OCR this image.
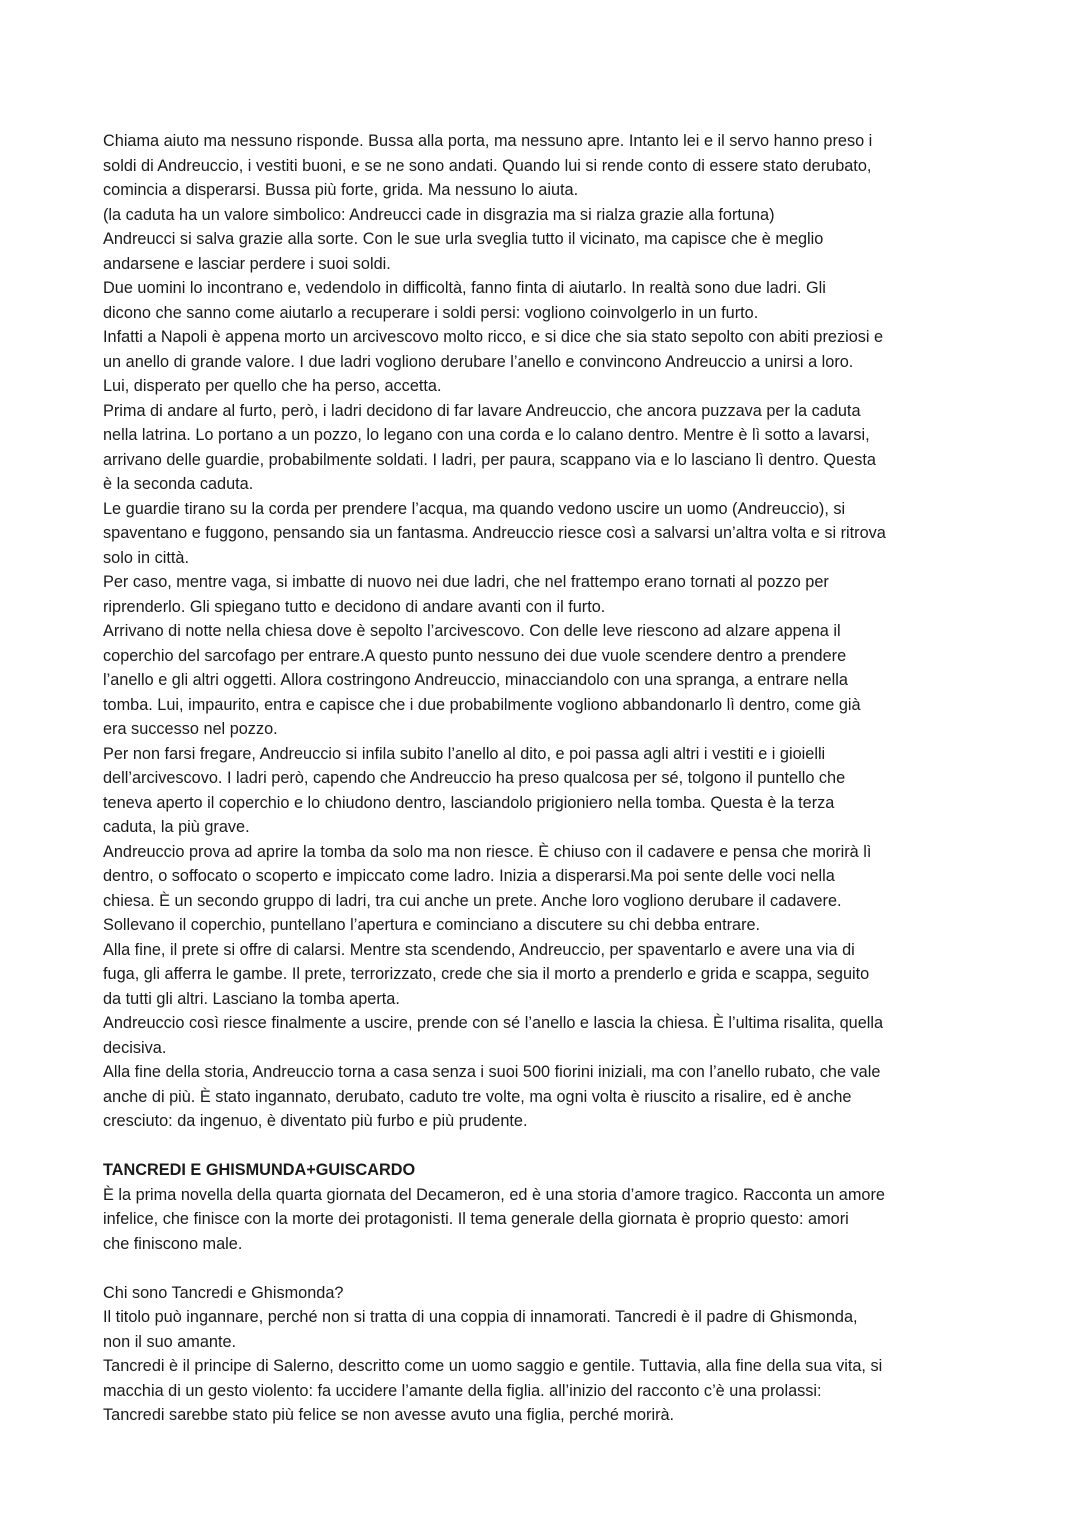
Chiama aiuto ma nessuno risponde. Bussa alla porta, ma nessuno apre. Intanto lei e il servo hanno preso i
soldi di Andreuccio, i vestiti buoni, e se ne sono andati. Quando lui si rende conto di essere stato derubato,
comincia a disperarsi. Bussa più forte, grida. Ma nessuno lo aiuta.
(la caduta ha un valore simbolico: Andreucci cade in disgrazia ma si rialza grazie alla fortuna)
Andreucci si salva grazie alla sorte. Con le sue urla sveglia tutto il vicinato, ma capisce che è meglio
andarsene e lasciar perdere i suoi soldi.
Due uomini lo incontrano e, vedendolo in difficoltà, fanno finta di aiutarlo. In realtà sono due ladri. Gli
dicono che sanno come aiutarlo a recuperare i soldi persi: vogliono coinvolgerlo in un furto.
Infatti a Napoli è appena morto un arcivescovo molto ricco, e si dice che sia stato sepolto con abiti preziosi e
un anello di grande valore. I due ladri vogliono derubare l’anello e convincono Andreuccio a unirsi a loro.
Lui, disperato per quello che ha perso, accetta.
Prima di andare al furto, però, i ladri decidono di far lavare Andreuccio, che ancora puzzava per la caduta
nella latrina. Lo portano a un pozzo, lo legano con una corda e lo calano dentro. Mentre è lì sotto a lavarsi,
arrivano delle guardie, probabilmente soldati. I ladri, per paura, scappano via e lo lasciano lì dentro. Questa
è la seconda caduta.
Le guardie tirano su la corda per prendere l’acqua, ma quando vedono uscire un uomo (Andreuccio), si
spaventano e fuggono, pensando sia un fantasma. Andreuccio riesce così a salvarsi un’altra volta e si ritrova
solo in città.
Per caso, mentre vaga, si imbatte di nuovo nei due ladri, che nel frattempo erano tornati al pozzo per
riprenderlo. Gli spiegano tutto e decidono di andare avanti con il furto.
Arrivano di notte nella chiesa dove è sepolto l’arcivescovo. Con delle leve riescono ad alzare appena il
coperchio del sarcofago per entrare.A questo punto nessuno dei due vuole scendere dentro a prendere
l’anello e gli altri oggetti. Allora costringono Andreuccio, minacciandolo con una spranga, a entrare nella
tomba. Lui, impaurito, entra e capisce che i due probabilmente vogliono abbandonarlo lì dentro, come già
era successo nel pozzo.
Per non farsi fregare, Andreuccio si infila subito l’anello al dito, e poi passa agli altri i vestiti e i gioielli
dell’arcivescovo. I ladri però, capendo che Andreuccio ha preso qualcosa per sé, tolgono il puntello che
teneva aperto il coperchio e lo chiudono dentro, lasciandolo prigioniero nella tomba. Questa è la terza
caduta, la più grave.
Andreuccio prova ad aprire la tomba da solo ma non riesce. È chiuso con il cadavere e pensa che morirà lì
dentro, o soffocato o scoperto e impiccato come ladro. Inizia a disperarsi.Ma poi sente delle voci nella
chiesa. È un secondo gruppo di ladri, tra cui anche un prete. Anche loro vogliono derubare il cadavere.
Sollevano il coperchio, puntellano l’apertura e cominciano a discutere su chi debba entrare.
Alla fine, il prete si offre di calarsi. Mentre sta scendendo, Andreuccio, per spaventarlo e avere una via di
fuga, gli afferra le gambe. Il prete, terrorizzato, crede che sia il morto a prenderlo e grida e scappa, seguito
da tutti gli altri. Lasciano la tomba aperta.
Andreuccio così riesce finalmente a uscire, prende con sé l’anello e lascia la chiesa. È l’ultima risalita, quella
decisiva.
Alla fine della storia, Andreuccio torna a casa senza i suoi 500 fiorini iniziali, ma con l’anello rubato, che vale
anche di più. È stato ingannato, derubato, caduto tre volte, ma ogni volta è riuscito a risalire, ed è anche
cresciuto: da ingenuo, è diventato più furbo e più prudente.
TANCREDI E GHISMUNDA+GUISCARDO
È la prima novella della quarta giornata del Decameron, ed è una storia d’amore tragico. Racconta un amore
infelice, che finisce con la morte dei protagonisti. Il tema generale della giornata è proprio questo: amori
che finiscono male.
Chi sono Tancredi e Ghismonda?
Il titolo può ingannare, perché non si tratta di una coppia di innamorati. Tancredi è il padre di Ghismonda,
non il suo amante.
Tancredi è il principe di Salerno, descritto come un uomo saggio e gentile. Tuttavia, alla fine della sua vita, si
macchia di un gesto violento: fa uccidere l’amante della figlia. all’inizio del racconto c’è una prolassi:
Tancredi sarebbe stato più felice se non avesse avuto una figlia, perché morirà.
